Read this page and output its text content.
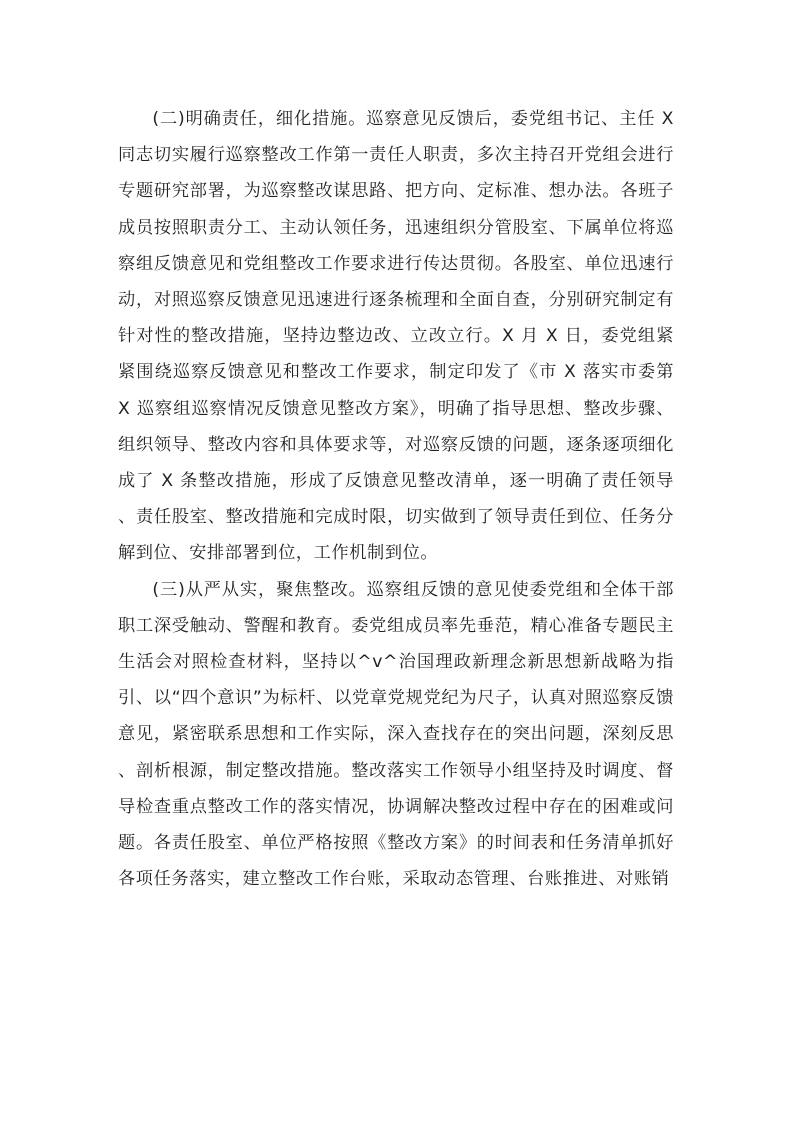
(二)明确责任，细化措施。巡察意见反馈后，委党组书记、主任 X 同志切实履行巡察整改工作第一责任人职责，多次主持召开党组会进行专题研究部署，为巡察整改谋思路、把方向、定标准、想办法。各班子成员按照职责分工、主动认领任务，迅速组织分管股室、下属单位将巡察组反馈意见和党组整改工作要求进行传达贯彻。各股室、单位迅速行动，对照巡察反馈意见迅速进行逐条梳理和全面自查，分别研究制定有针对性的整改措施，坚持边整边改、立改立行。X 月 X 日，委党组紧紧围绕巡察反馈意见和整改工作要求，制定印发了《市 X 落实市委第 X 巡察组巡察情况反馈意见整改方案》，明确了指导思想、整改步骤、组织领导、整改内容和具体要求等，对巡察反馈的问题，逐条逐项细化成了 X 条整改措施，形成了反馈意见整改清单，逐一明确了责任领导、责任股室、整改措施和完成时限，切实做到了领导责任到位、任务分解到位、安排部署到位，工作机制到位。

(三)从严从实，聚焦整改。巡察组反馈的意见使委党组和全体干部职工深受触动、警醒和教育。委党组成员率先垂范，精心准备专题民主生活会对照检查材料，坚持以^v^治国理政新理念新思想新战略为指引、以“四个意识”为标杆、以党章党规党纪为尺子，认真对照巡察反馈意见，紧密联系思想和工作实际，深入查找存在的突出问题，深刻反思、剖析根源，制定整改措施。整改落实工作领导小组坚持及时调度、督导检查重点整改工作的落实情况，协调解决整改过程中存在的困难或问题。各责任股室、单位严格按照《整改方案》的时间表和任务清单抓好各项任务落实，建立整改工作台账，采取动态管理、台账推进、对账销
